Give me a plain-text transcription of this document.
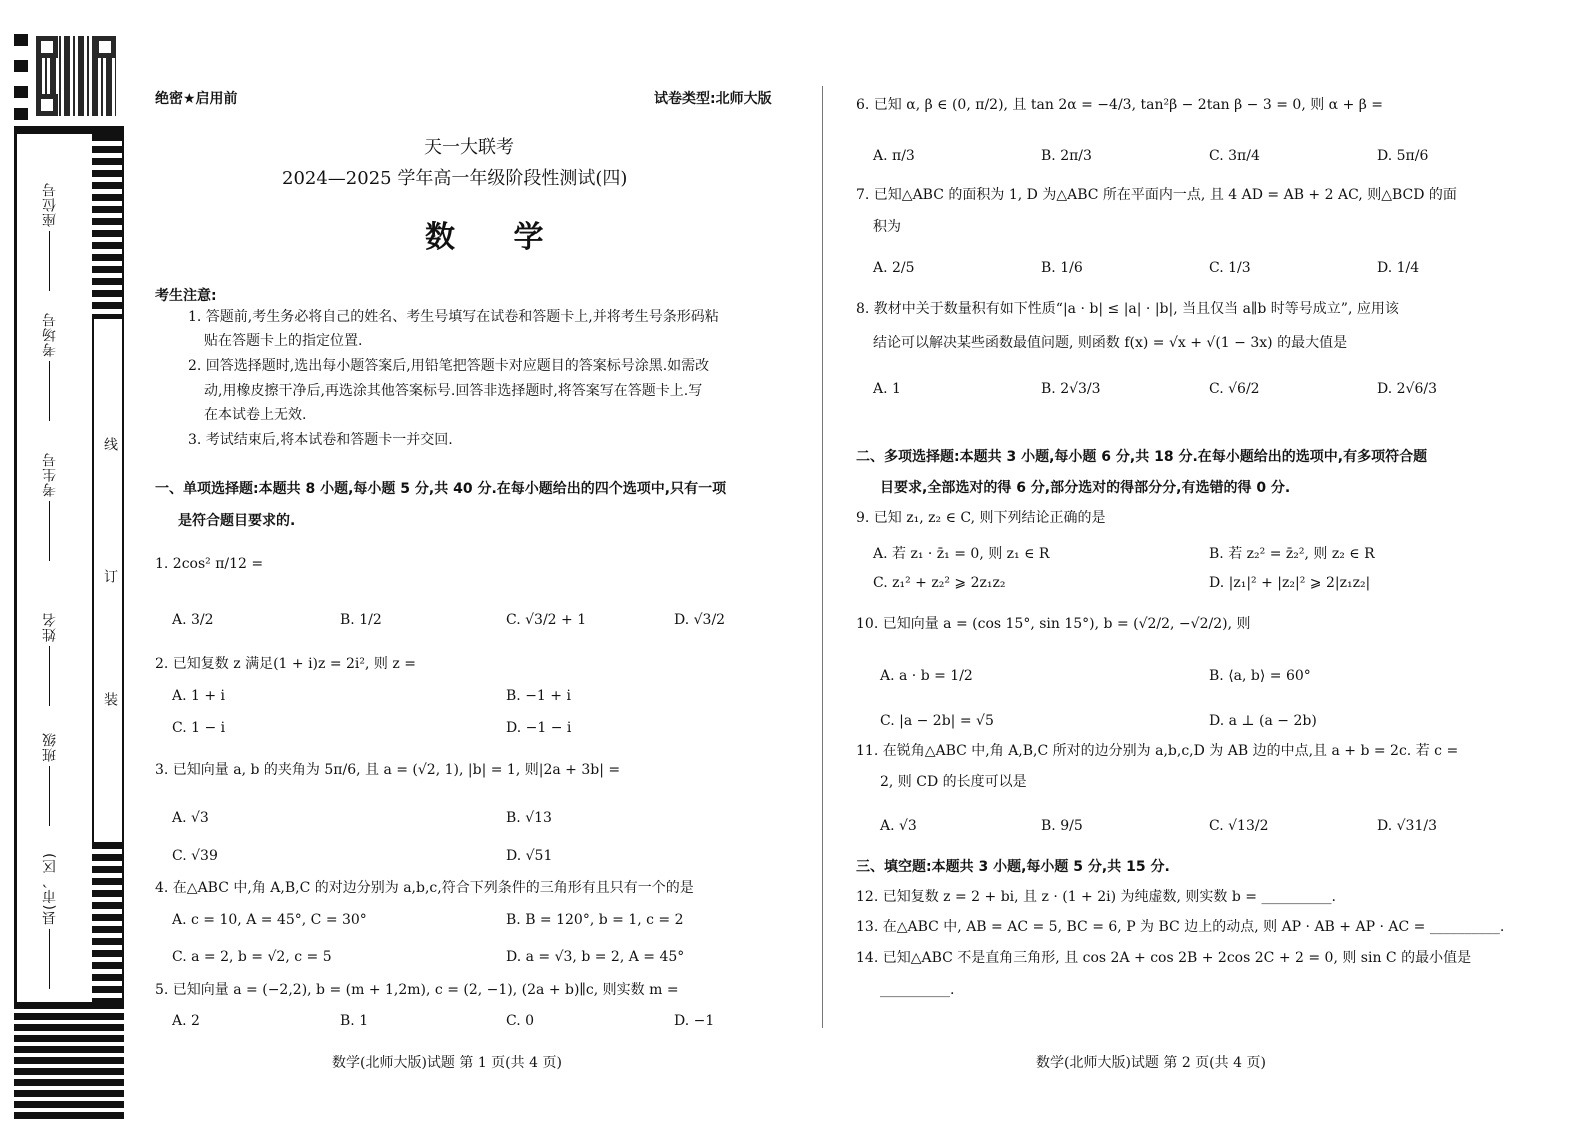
座位号
考场号
考生号
姓名
班级
县(市、区)
线
订
装
绝密★启用前	试卷类型:北师大版
天一大联考
2024—2025 学年高一年级阶段性测试(四)
数 学
考生注意:
1. 答题前,考生务必将自己的姓名、考生号填写在试卷和答题卡上,并将考生号条形码粘
贴在答题卡上的指定位置.
2. 回答选择题时,选出每小题答案后,用铅笔把答题卡对应题目的答案标号涂黑.如需改
动,用橡皮擦干净后,再选涂其他答案标号.回答非选择题时,将答案写在答题卡上.写
在本试卷上无效.
3. 考试结束后,将本试卷和答题卡一并交回.
一、单项选择题:本题共 8 小题,每小题 5 分,共 40 分.在每小题给出的四个选项中,只有一项
是符合题目要求的.
1. 2cos² π/12 =
A. 3/2	B. 1/2	C. √3/2 + 1	D. √3/2
2. 已知复数 z 满足(1 + i)z = 2i², 则 z =
A. 1 + i	B. −1 + i
C. 1 − i	D. −1 − i
3. 已知向量 a, b 的夹角为 5π/6, 且 a = (√2, 1), |b| = 1, 则|2a + 3b| =
A. √3	B. √13
C. √39	D. √51
4. 在△ABC 中,角 A,B,C 的对边分别为 a,b,c,符合下列条件的三角形有且只有一个的是
A. c = 10, A = 45°, C = 30°	B. B = 120°, b = 1, c = 2
C. a = 2, b = √2, c = 5	D. a = √3, b = 2, A = 45°
5. 已知向量 a = (−2,2), b = (m + 1,2m), c = (2, −1), (2a + b)∥c, 则实数 m =
A. 2	B. 1	C. 0	D. −1
数学(北师大版)试题 第 1 页(共 4 页)
6. 已知 α, β ∈ (0, π/2), 且 tan 2α = −4/3, tan²β − 2tan β − 3 = 0, 则 α + β =
A. π/3	B. 2π/3	C. 3π/4	D. 5π/6
7. 已知△ABC 的面积为 1, D 为△ABC 所在平面内一点, 且 4 AD = AB + 2 AC, 则△BCD 的面
积为
A. 2/5	B. 1/6	C. 1/3	D. 1/4
8. 教材中关于数量积有如下性质“|a · b| ≤ |a| · |b|, 当且仅当 a∥b 时等号成立”, 应用该
结论可以解决某些函数最值问题, 则函数 f(x) = √x + √(1 − 3x) 的最大值是
A. 1	B. 2√3/3	C. √6/2	D. 2√6/3
二、多项选择题:本题共 3 小题,每小题 6 分,共 18 分.在每小题给出的选项中,有多项符合题
目要求,全部选对的得 6 分,部分选对的得部分分,有选错的得 0 分.
9. 已知 z₁, z₂ ∈ C, 则下列结论正确的是
A. 若 z₁ · z̄₁ = 0, 则 z₁ ∈ R	B. 若 z₂² = z̄₂², 则 z₂ ∈ R
C. z₁² + z₂² ⩾ 2z₁z₂	D. |z₁|² + |z₂|² ⩾ 2|z₁z₂|
10. 已知向量 a = (cos 15°, sin 15°), b = (√2/2, −√2/2), 则
A. a · b = 1/2	B. ⟨a, b⟩ = 60°
C. |a − 2b| = √5	D. a ⊥ (a − 2b)
11. 在锐角△ABC 中,角 A,B,C 所对的边分别为 a,b,c,D 为 AB 边的中点,且 a + b = 2c. 若 c =
2, 则 CD 的长度可以是
A. √3	B. 9/5	C. √13/2	D. √31/3
三、填空题:本题共 3 小题,每小题 5 分,共 15 分.
12. 已知复数 z = 2 + bi, 且 z · (1 + 2i) 为纯虚数, 则实数 b = __________.
13. 在△ABC 中, AB = AC = 5, BC = 6, P 为 BC 边上的动点, 则 AP · AB + AP · AC = __________.
14. 已知△ABC 不是直角三角形, 且 cos 2A + cos 2B + 2cos 2C + 2 = 0, 则 sin C 的最小值是
__________.
数学(北师大版)试题 第 2 页(共 4 页)
